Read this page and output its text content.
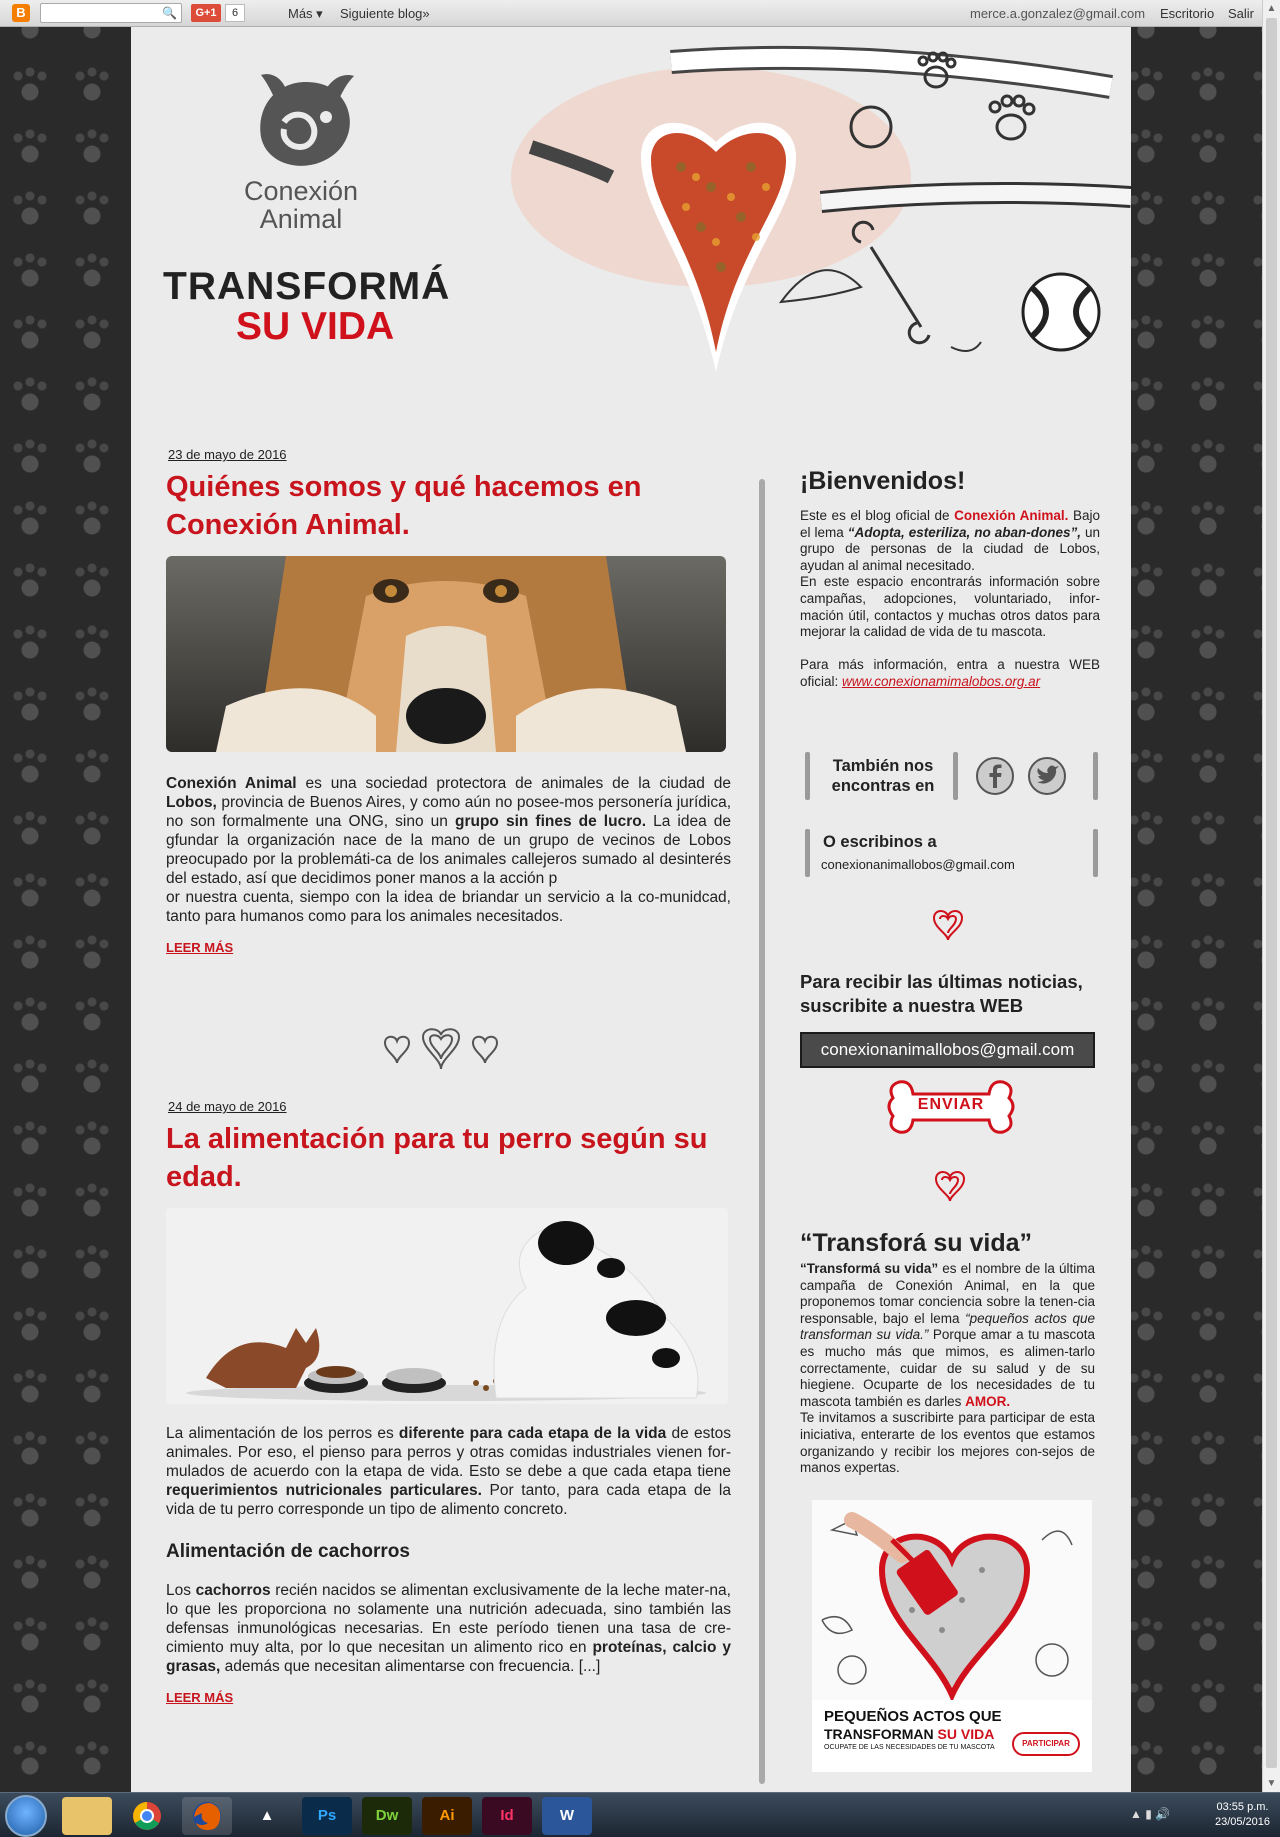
B	🔍	G+1	6	Más ▾ Siguiente blog»	merce.a.gonzalez@gmail.com Escritorio Salir	▲
▼
Conexión
Animal
TRANSFORMÁ
SU VIDA
23 de mayo de 2016
Quiénes somos y qué hacemos en Conexión Animal.
Conexión Animal es una sociedad protectora de animales de la ciudad de Lobos, provincia de Buenos Aires, y como aún no posee-mos personería jurídica, no son formalmente una ONG, sino un grupo sin fines de lucro. La idea de gfundar la organización nace de la mano de un grupo de vecinos de Lobos preocupado por la problemáti-ca de los animales callejeros sumado al desinterés del estado, así que decidimos poner manos a la acción p
or nuestra cuenta, siempo con la idea de briandar un servicio a la co-munidcad, tanto para humanos como para los animales necesitados.
LEER MÁS
24 de mayo de 2016
La alimentación para tu perro según su edad.
La alimentación de los perros es diferente para cada etapa de la vida de estos animales. Por eso, el pienso para perros y otras comidas industriales vienen for-mulados de acuerdo con la etapa de vida. Esto se debe a que cada etapa tiene requerimientos nutricionales particulares. Por tanto, para cada etapa de la vida de tu perro corresponde un tipo de alimento concreto.
Alimentación de cachorros
Los cachorros recién nacidos se alimentan exclusivamente de la leche mater-na, lo que les proporciona no solamente una nutrición adecuada, sino también las defensas inmunológicas necesarias. En este período tienen una tasa de cre-cimiento muy alta, por lo que necesitan un alimento rico en proteínas, calcio y grasas, además que necesitan alimentarse con frecuencia. [...]
LEER MÁS
¡Bienvenidos!
Este es el blog oficial de Conexión Animal. Bajo el lema “Adopta, esteriliza, no aban-dones”, un grupo de personas de la ciudad de Lobos, ayudan al animal necesitado.
En este espacio encontrarás información sobre campañas, adopciones, voluntariado, infor-mación útil, contactos y muchas otros datos para mejorar la calidad de vida de tu mascota.

Para más información, entra a nuestra WEB oficial: www.conexionamimalobos.org.ar
También nos encontras en
O escribinos a
conexionanimallobos@gmail.com
Para recibir las últimas noticias, suscribite a nuestra WEB
conexionanimallobos@gmail.com
ENVIAR
“Transforá su vida”
“Transformá su vida” es el nombre de la última campaña de Conexión Animal, en la que proponemos tomar conciencia sobre la tenen-cia responsable, bajo el lema “pequeños actos que transforman su vida.” Porque amar a tu mascota es mucho más que mimos, es alimen-tarlo correctamente, cuidar de su salud y de su hiegiene. Ocuparte de los necesidades de tu mascota también es darles AMOR.
Te invitamos a suscribirte para participar de esta iniciativa, enterarte de los eventos que estamos organizando y recibir los mejores con-sejos de manos expertas.
PEQUEÑOS ACTOS QUE
TRANSFORMAN SU VIDA
OCUPATE DE LAS NECESIDADES DE TU MASCOTA	PARTICIPAR
▲	Ps	Dw	Ai	Id	W	▲ ▮ 🔊	03:55 p.m.
23/05/2016
